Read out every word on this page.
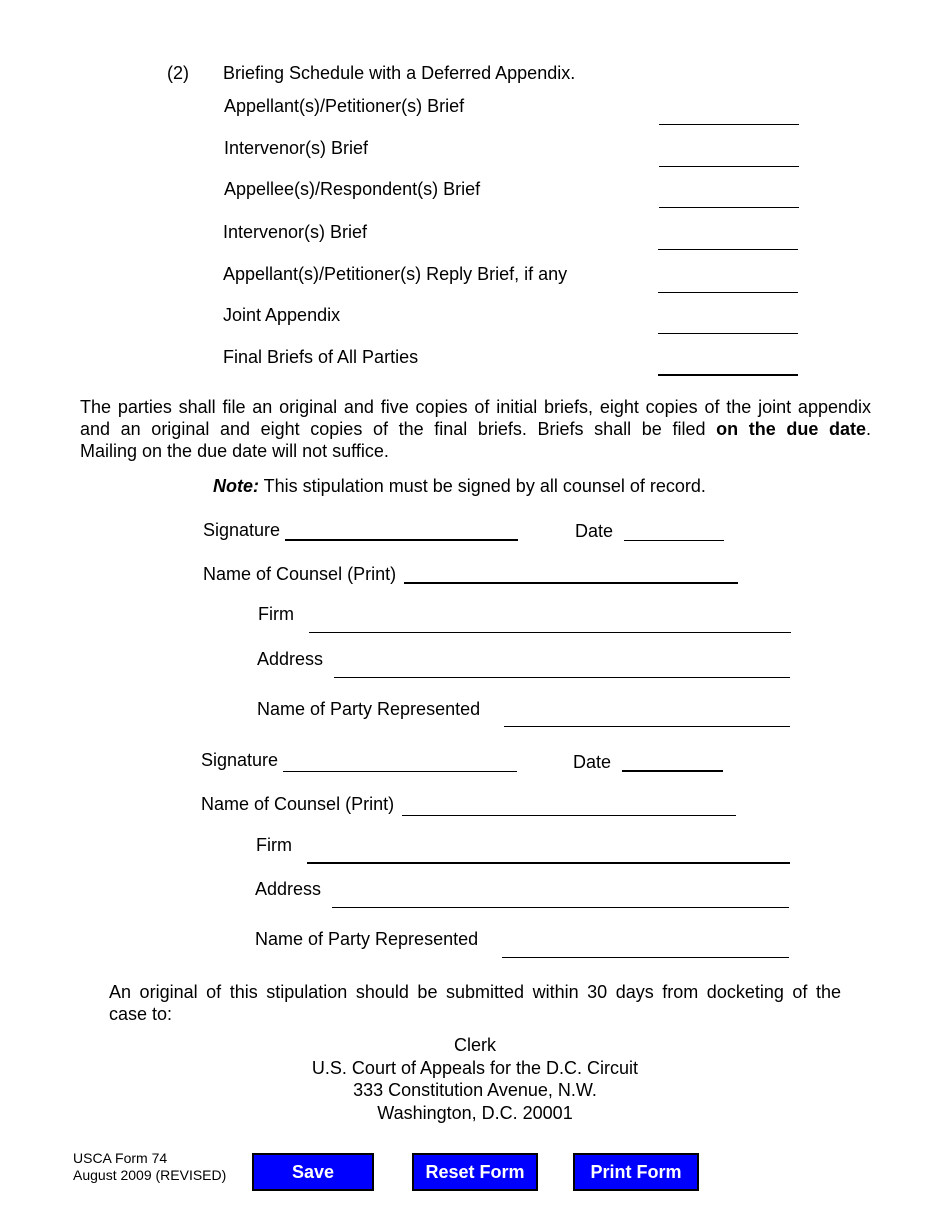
(2) Briefing Schedule with a Deferred Appendix.
Appellant(s)/Petitioner(s) Brief
Intervenor(s) Brief
Appellee(s)/Respondent(s) Brief
Intervenor(s) Brief
Appellant(s)/Petitioner(s) Reply Brief, if any
Joint Appendix
Final Briefs of All Parties
The parties shall file an original and five copies of initial briefs, eight copies of the joint appendix
and an original and eight copies of the final briefs. Briefs shall be filed on the due date.
Mailing on the due date will not suffice.
Note: This stipulation must be signed by all counsel of record.
Signature	Date
Name of Counsel (Print)
Firm
Address
Name of Party Represented
Signature	Date
Name of Counsel (Print)
Firm
Address
Name of Party Represented
An original of this stipulation should be submitted within 30 days from docketing of the
case to:
Clerk
U.S. Court of Appeals for the D.C. Circuit
333 Constitution Avenue, N.W.
Washington, D.C. 20001
USCA Form 74
August 2009 (REVISED)	Save	Reset Form	Print Form
